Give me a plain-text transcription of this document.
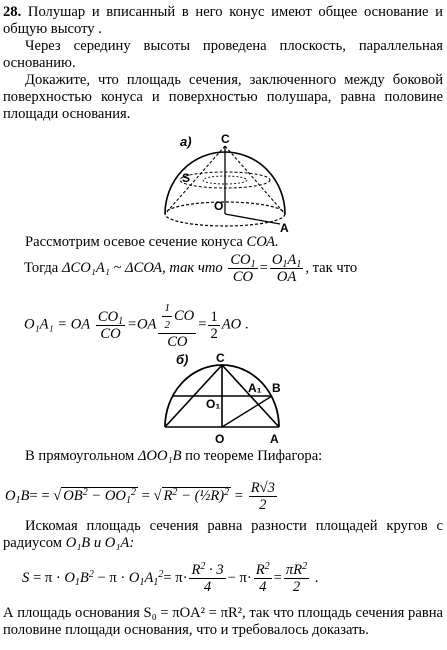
28. Полушар и вписанный в него конус имеют общее основание и общую высоту .

Через середину высоты проведена плоскость, параллельная основанию.

Докажите, что площадь сечения, заключенного между боковой поверхностью конуса и поверхностью полушара, равна половине площади основания.

а) C
S
O
A

Рассмотрим осевое сечение конуса СОА.

Тогда ΔСO₁A₁ ~ ΔСОА, так что $\frac{CO_1}{CO} = \frac{O_1A_1}{OA}$ , так что
O₁A₁ = OA $\frac{CO_1}{CO} =OA \frac{\frac{1}{2} CO}{CO} = \frac{1}{2}$ AO .
б) C
A₁ B
O₁
O	A

В прямоугольном ΔOO₁B по теореме Пифагора:

$O_1B=$ = √ $OB^2 - OO_1^2$ = √ $R^2$ − (½R)$^2$ = $\frac{R√3}{2}$

Искомая площадь сечения равна разности площадей кругов с радиусом O₁B и O₁A:

$S = \pi \cdot O_1B^2 - \pi \cdot O_1A_1^2= \pi\cdot \frac{R^2 \cdot 3}{4} - \pi\cdot \frac{R^2}{4} = \frac{\pi R^2}{2}$ .

А площадь основания S₀ = πOA² = πR², так что площадь сечения равна половине площади основания, что и требовалось доказать.
